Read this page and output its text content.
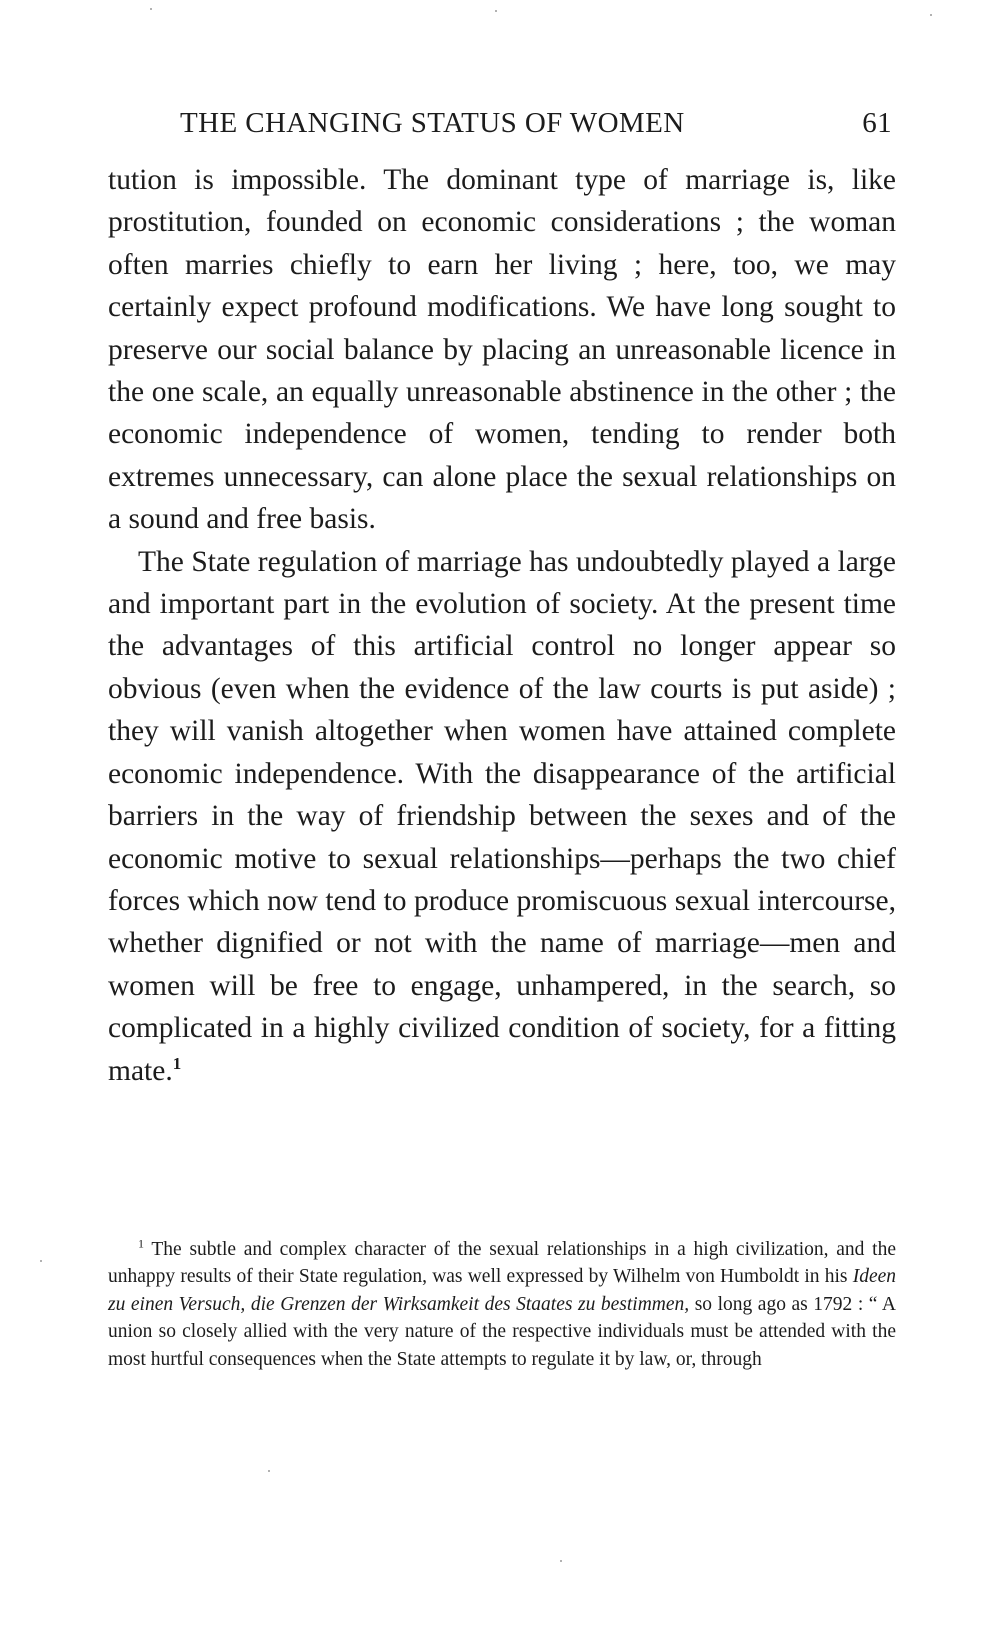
THE CHANGING STATUS OF WOMEN	61

tution is impossible. The dominant type of marriage is, like prostitution, founded on economic considerations ; the woman often marries chiefly to earn her living ; here, too, we may certainly expect profound modifications. We have long sought to preserve our social balance by placing an unreasonable licence in the one scale, an equally unreasonable abstinence in the other ; the economic independence of women, tending to render both extremes unnecessary, can alone place the sexual relationships on a sound and free basis.

The State regulation of marriage has undoubtedly played a large and important part in the evolution of society. At the present time the advantages of this artificial control no longer appear so obvious (even when the evidence of the law courts is put aside) ; they will vanish altogether when women have attained complete economic independence. With the disappearance of the artificial barriers in the way of friendship between the sexes and of the economic motive to sexual relationships—perhaps the two chief forces which now tend to produce promiscuous sexual intercourse, whether dignified or not with the name of marriage—men and women will be free to engage, unhampered, in the search, so complicated in a highly civilized condition of society, for a fitting mate.$^1$

$^1$ The subtle and complex character of the sexual relationships in a high civilization, and the unhappy results of their State regulation, was well expressed by Wilhelm von Humboldt in his Ideen zu einen Versuch, die Grenzen der Wirksamkeit des Staates zu bestimmen, so long ago as 1792 : “ A union so closely allied with the very nature of the respective individuals must be attended with the most hurtful consequences when the State attempts to regulate it by law, or, through
